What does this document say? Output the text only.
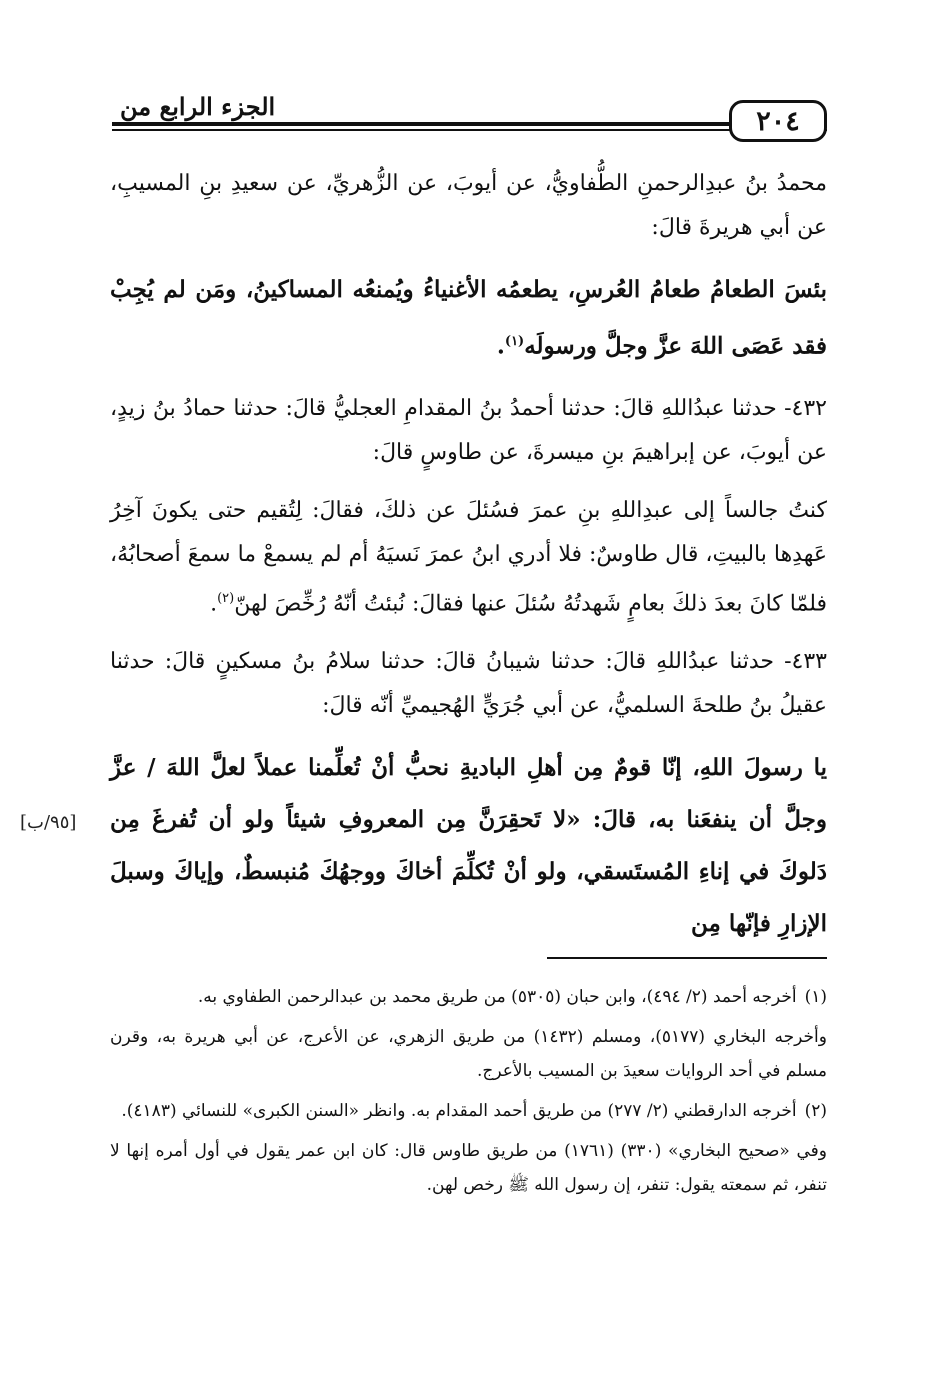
الجزء الرابع من	٢٠٤
[٩٥/ب]

محمدُ بنُ عبدِالرحمنِ الطُّفاويُّ، عن أيوبَ، عن الزُّهريِّ، عن سعيدِ بنِ المسيبِ، عن أبي هريرةَ قالَ:

بئسَ الطعامُ طعامُ العُرسِ، يطعمُه الأغنياءُ ويُمنعُه المساكينُ، ومَن لم يُجِبْ فقد عَصَى اللهَ عزَّ وجلَّ ورسولَه$^{(١)}$.

٤٣٢- حدثنا عبدُاللهِ قالَ: حدثنا أحمدُ بنُ المقدامِ العجليُّ قالَ: حدثنا حمادُ بنُ زيدٍ، عن أيوبَ، عن إبراهيمَ بنِ ميسرةَ، عن طاوسٍ قالَ:

كنتُ جالساً إلى عبدِاللهِ بنِ عمرَ فسُئلَ عن ذلكَ، فقالَ: لِتُقيم حتى يكونَ آخِرُ عَهدِها بالبيتِ، قال طاوسٌ: فلا أدري ابنُ عمرَ نَسيَهُ أم لم يسمعْ ما سمعَ أصحابُهُ، فلمّا كانَ بعدَ ذلكَ بعامٍ شَهدتُهُ سُئلَ عنها فقالَ: نُبئتُ أنّهُ رُخِّصَ لهنّ$^{(٢)}$.

٤٣٣- حدثنا عبدُاللهِ قالَ: حدثنا شيبانُ قالَ: حدثنا سلامُ بنُ مسكينٍ قالَ: حدثنا عقيلُ بنُ طلحةَ السلميُّ، عن أبي جُرَيٍّ الهُجيميِّ أنّه قالَ:

يا رسولَ اللهِ، إنّا قومٌ مِن أهلِ الباديةِ نحبُّ أنْ تُعلِّمنا عملاً لعلَّ اللهَ / عزَّ وجلَّ أن ينفعَنا به، قالَ: «لا تَحقِرَنَّ مِن المعروفِ شيئاً ولو أن تُفرغَ مِن دَلوكَ في إناءِ المُستَسقي، ولو أنْ تُكلِّمَ أخاكَ ووجهُكَ مُنبسطٌ، وإياكَ وسبلَ الإزارِ فإنّها مِن

(١)
أخرجه أحمد (٢/ ٤٩٤)، وابن حبان (٥٣٠٥) من طريق محمد بن عبدالرحمن الطفاوي به.
وأخرجه البخاري (٥١٧٧)، ومسلم (١٤٣٢) من طريق الزهري، عن الأعرج، عن أبي هريرة به، وقرن مسلم في أحد الروايات سعيدَ بن المسيب بالأعرج.
(٢)
أخرجه الدارقطني (٢/ ٢٧٧) من طريق أحمد المقدام به. وانظر «السنن الكبرى» للنسائي (٤١٨٣).
وفي «صحيح البخاري» (٣٣٠) (١٧٦١) من طريق طاوس قال: كان ابن عمر يقول في أول أمره إنها لا تنفر، ثم سمعته يقول: تنفر، إن رسول الله ﷺ رخص لهن.
